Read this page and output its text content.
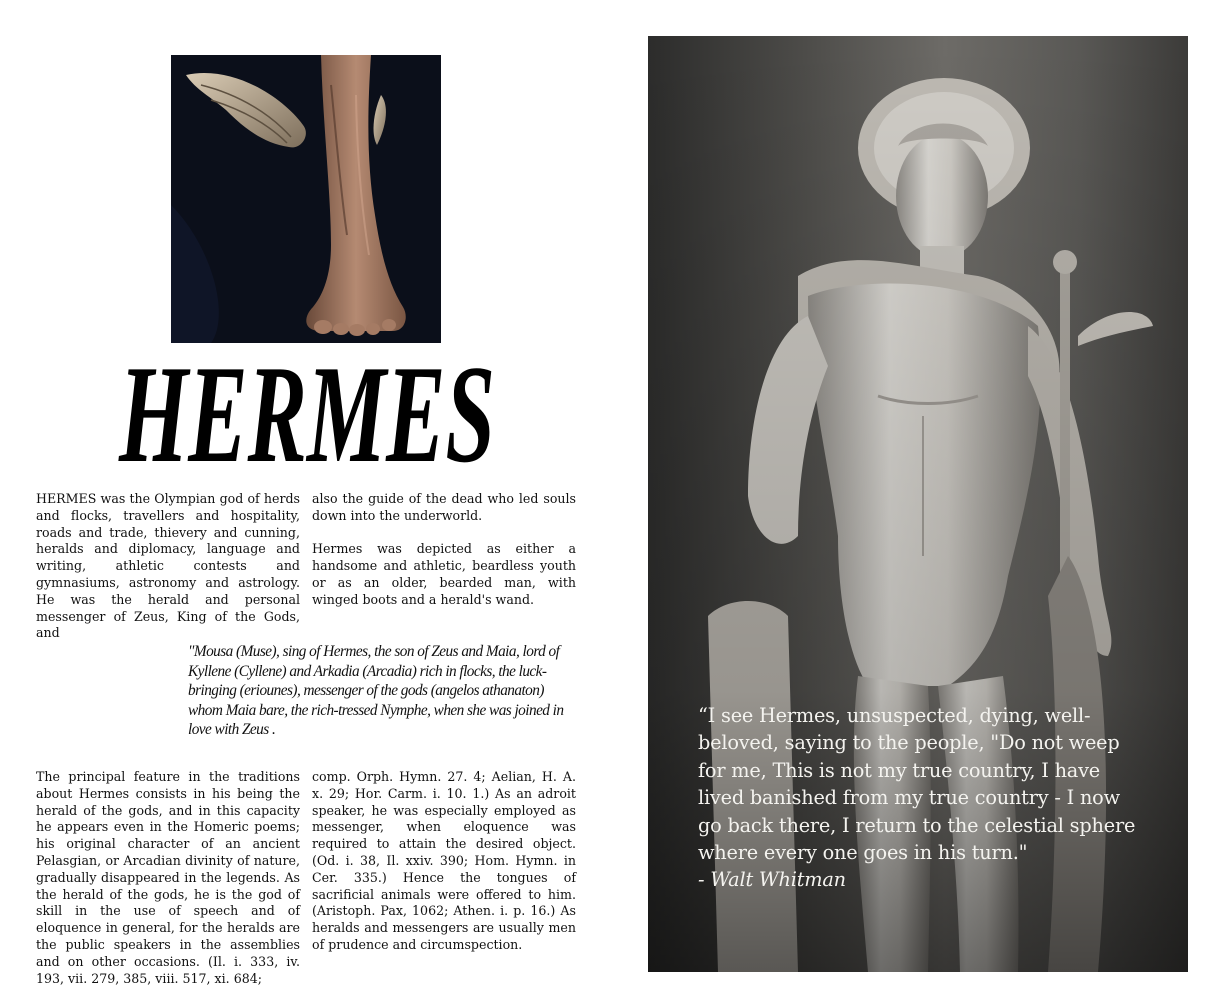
HERMES

HERMES was the Olympian god of herds and flocks, travellers and hospitality, roads and trade, thievery and cunning, heralds and diplomacy, language and writing, athletic contests and gymnasiums, astronomy and astrology. He was the herald and personal messenger of Zeus, King of the Gods, and

also the guide of the dead who led souls down into the underworld.

Hermes was depicted as either a handsome and athletic, beardless youth or as an older, bearded man, with winged boots and a herald's wand.

"Mousa (Muse), sing of Hermes, the son of Zeus and Maia, lord of Kyllene (Cyllene) and Arkadia (Arcadia) rich in flocks, the luck-bringing (eriounes), messenger of the gods (angelos athanaton) whom Maia bare, the rich-tressed Nymphe, when she was joined in love with Zeus .

The principal feature in the traditions about Hermes consists in his being the herald of the gods, and in this capacity he appears even in the Homeric poems; his original character of an ancient Pelasgian, or Arcadian divinity of nature, gradually disappeared in the legends. As the herald of the gods, he is the god of skill in the use of speech and of eloquence in general, for the heralds are the public speakers in the assemblies and on other occasions. (Il. i. 333, iv. 193, vii. 279, 385, viii. 517, xi. 684;

comp. Orph. Hymn. 27. 4; Aelian, H. A. x. 29; Hor. Carm. i. 10. 1.) As an adroit speaker, he was especially employed as messenger, when eloquence was required to attain the desired object. (Od. i. 38, Il. xxiv. 390; Hom. Hymn. in Cer. 335.) Hence the tongues of sacrificial animals were offered to him. (Aristoph. Pax, 1062; Athen. i. p. 16.) As heralds and messengers are usually men of prudence and circumspection.

“I see Hermes, unsuspected, dying, well-beloved, saying to the people, "Do not weep for me, This is not my true country, I have lived banished from my true country - I now go back there, I return to the celestial sphere where every one goes in his turn."
- Walt Whitman
